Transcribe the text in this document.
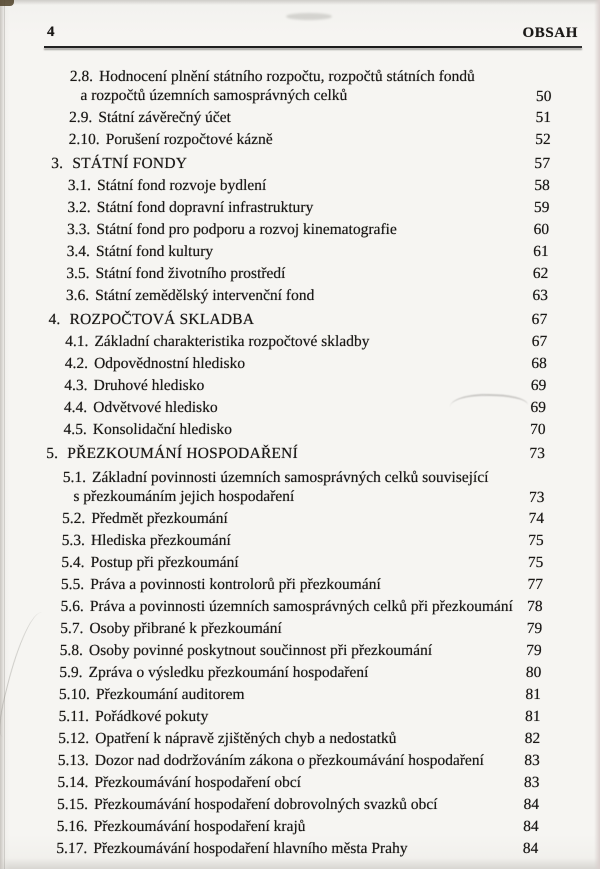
4	OBSAH
2.8. Hodnocení plnění státního rozpočtu, rozpočtů státních fondů
a rozpočtů územních samosprávných celků	50
2.9. Státní závěrečný účet	51
2.10. Porušení rozpočtové kázně	52
3. STÁTNÍ FONDY	57
3.1. Státní fond rozvoje bydlení	58
3.2. Státní fond dopravní infrastruktury	59
3.3. Státní fond pro podporu a rozvoj kinematografie	60
3.4. Státní fond kultury	61
3.5. Státní fond životního prostředí	62
3.6. Státní zemědělský intervenční fond	63
4. ROZPOČTOVÁ SKLADBA	67
4.1. Základní charakteristika rozpočtové skladby	67
4.2. Odpovědnostní hledisko	68
4.3. Druhové hledisko	69
4.4. Odvětvové hledisko	69
4.5. Konsolidační hledisko	70
5. PŘEZKOUMÁNÍ HOSPODAŘENÍ	73
5.1. Základní povinnosti územních samosprávných celků související
s přezkoumáním jejich hospodaření	73
5.2. Předmět přezkoumání	74
5.3. Hlediska přezkoumání	75
5.4. Postup při přezkoumání	75
5.5. Práva a povinnosti kontrolorů při přezkoumání	77
5.6. Práva a povinnosti územních samosprávných celků při přezkoumání 78
5.7. Osoby přibrané k přezkoumání	79
5.8. Osoby povinné poskytnout součinnost při přezkoumání	79
5.9. Zpráva o výsledku přezkoumání hospodaření	80
5.10. Přezkoumání auditorem	81
5.11. Pořádkové pokuty	81
5.12. Opatření k nápravě zjištěných chyb a nedostatků	82
5.13. Dozor nad dodržováním zákona o přezkoumávání hospodaření	83
5.14. Přezkoumávání hospodaření obcí	83
5.15. Přezkoumávání hospodaření dobrovolných svazků obcí	84
5.16. Přezkoumávání hospodaření krajů	84
5.17. Přezkoumávání hospodaření hlavního města Prahy	84
